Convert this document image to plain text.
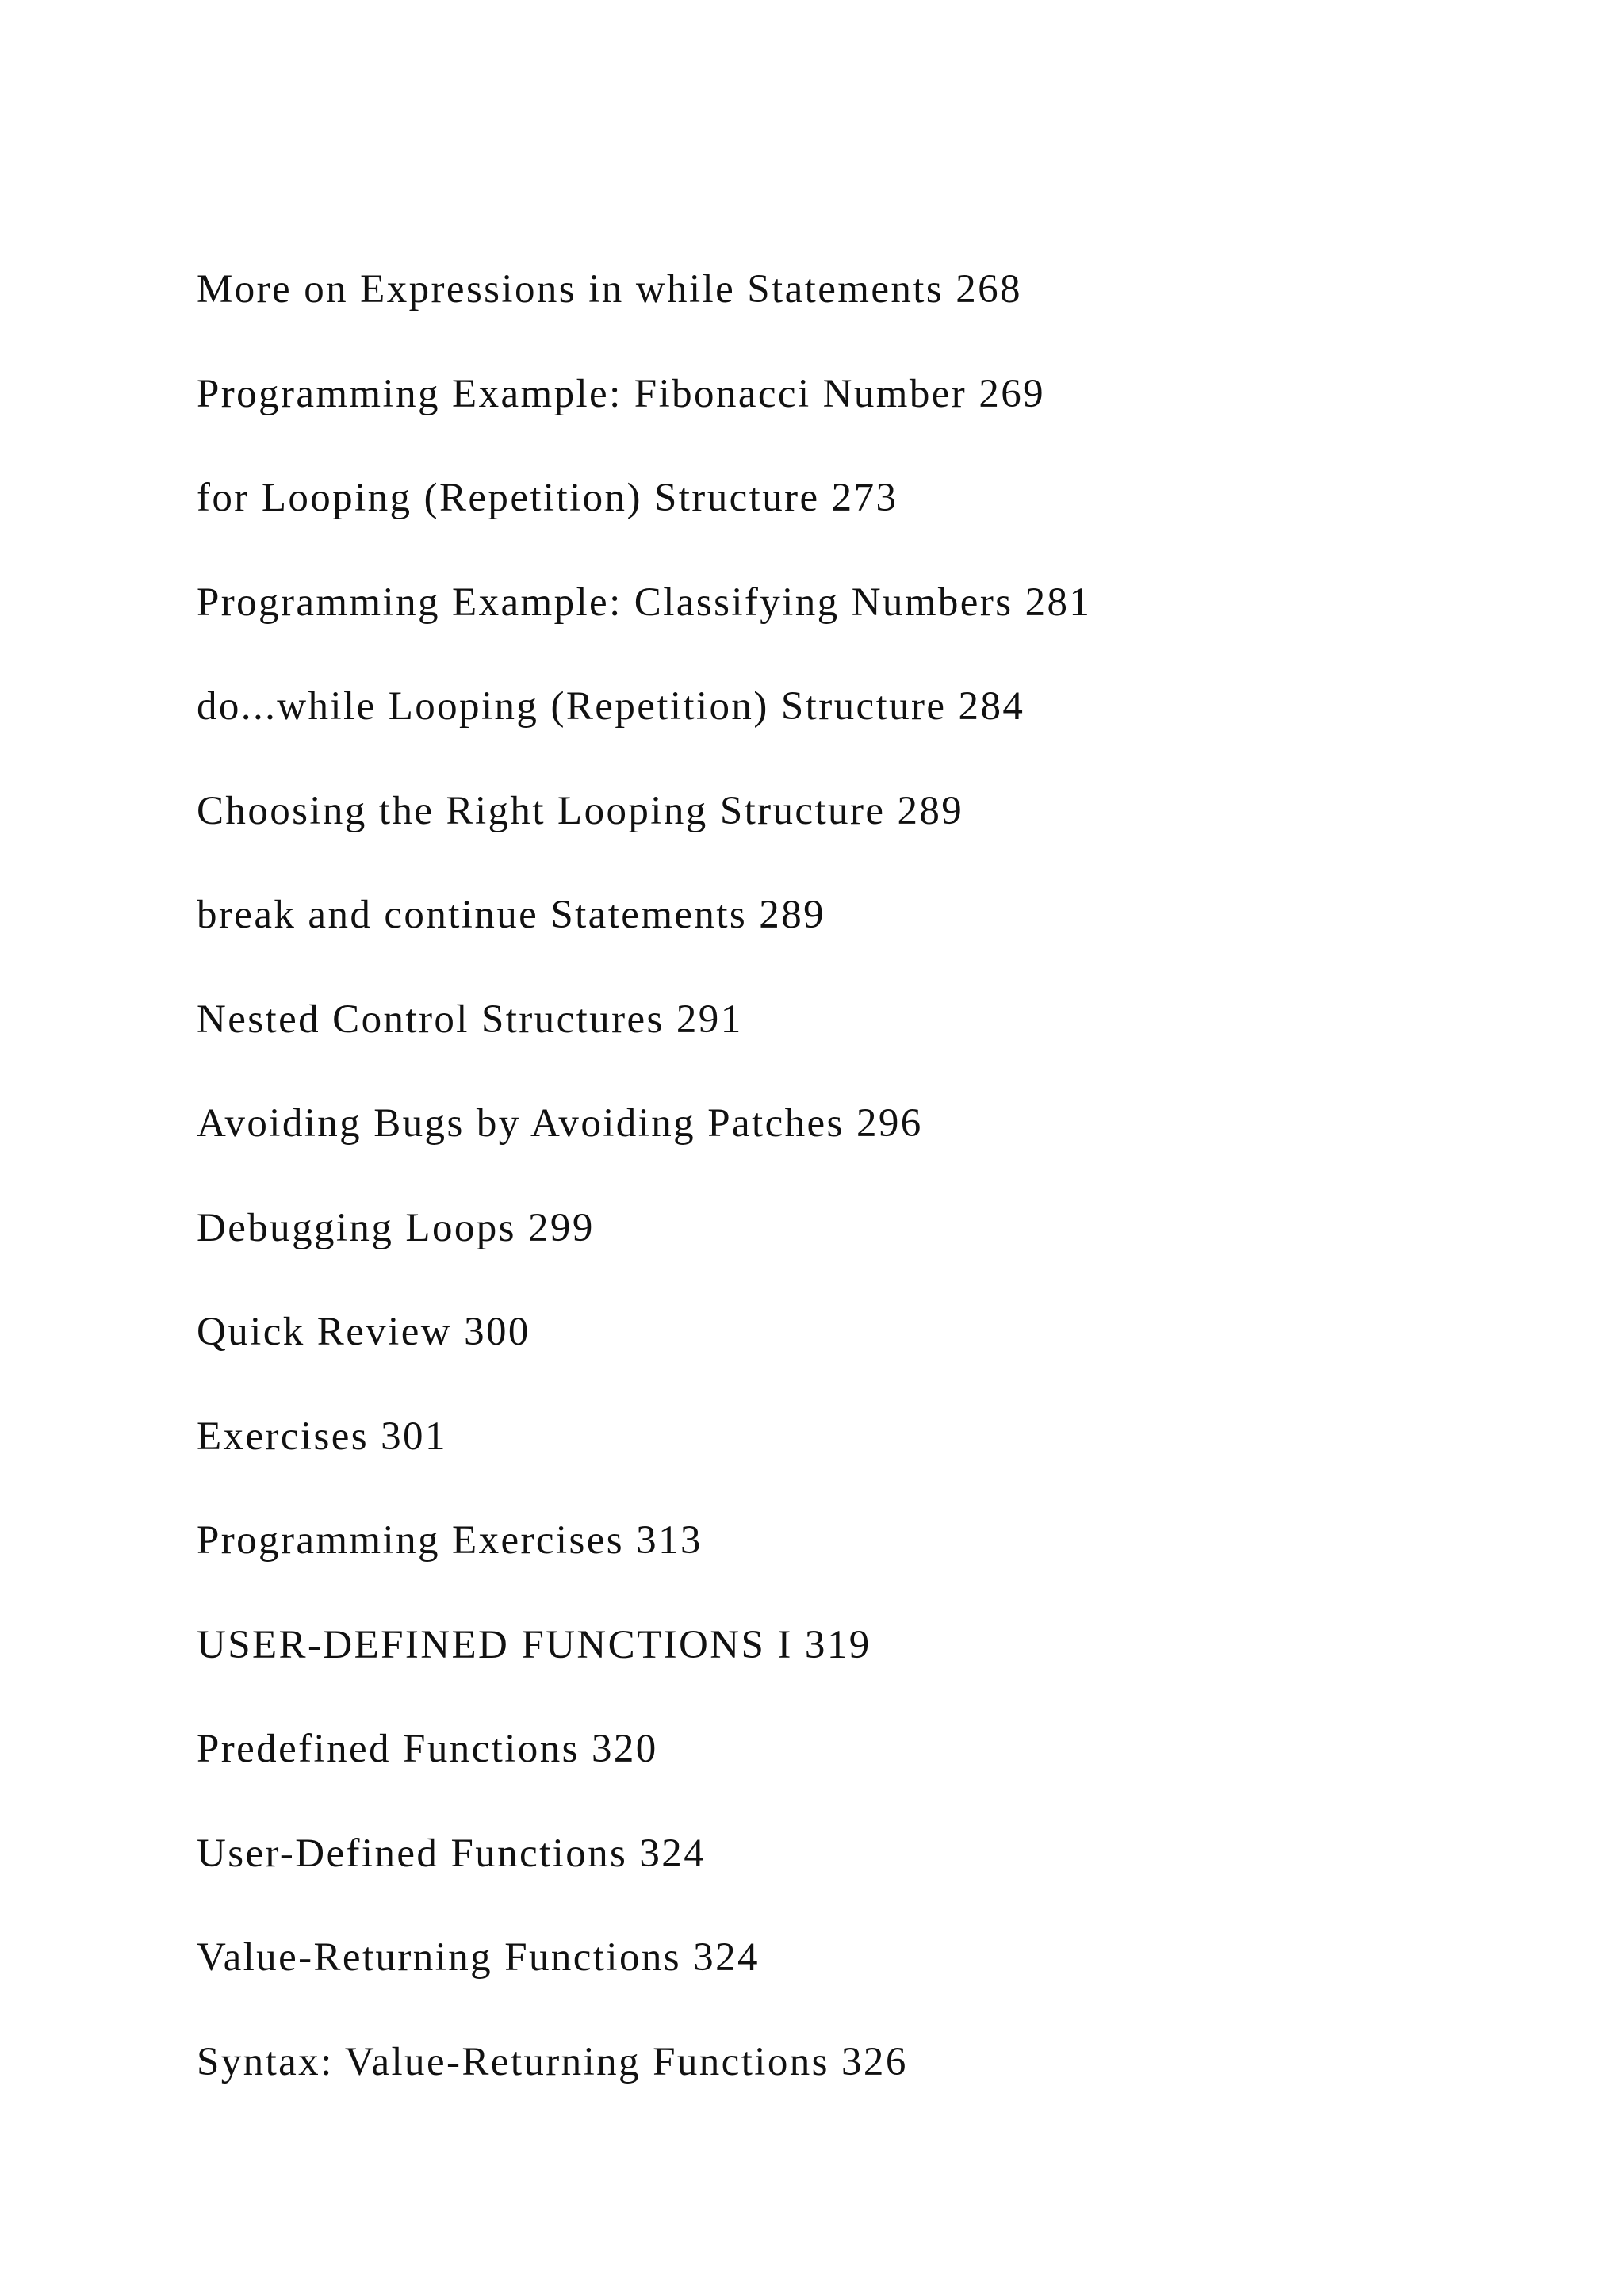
More on Expressions in while Statements 268
Programming Example: Fibonacci Number 269
for Looping (Repetition) Structure 273
Programming Example: Classifying Numbers 281
do...while Looping (Repetition) Structure 284
Choosing the Right Looping Structure 289
break and continue Statements 289
Nested Control Structures 291
Avoiding Bugs by Avoiding Patches 296
Debugging Loops 299
Quick Review 300
Exercises 301
Programming Exercises 313
USER-DEFINED FUNCTIONS I 319
Predefined Functions 320
User-Defined Functions 324
Value-Returning Functions 324
Syntax: Value-Returning Functions 326
